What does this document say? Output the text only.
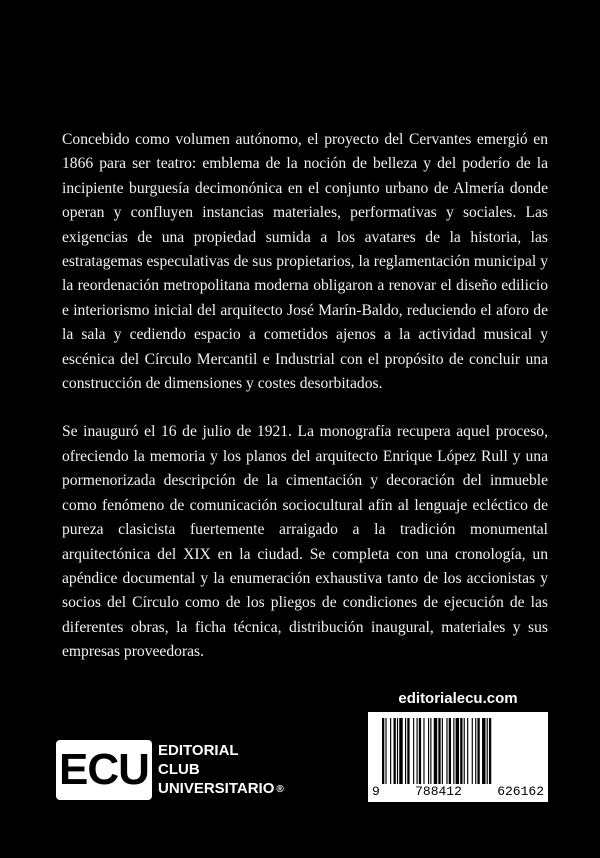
Concebido como volumen autónomo, el proyecto del Cervantes emergió en 1866 para ser teatro: emblema de la noción de belleza y del poderío de la incipiente burguesía decimonónica en el conjunto urbano de Almería donde operan y confluyen instancias materiales, performativas y sociales. Las exigencias de una propiedad sumida a los avatares de la historia, las estratagemas especulativas de sus propietarios, la reglamentación municipal y la reordenación metropolitana moderna obligaron a renovar el diseño edilicio e interiorismo inicial del arquitecto José Marín-Baldo, reduciendo el aforo de la sala y cediendo espacio a cometidos ajenos a la actividad musical y escénica del Círculo Mercantil e Industrial con el propósito de concluir una construcción de dimensiones y costes desorbitados.

Se inauguró el 16 de julio de 1921. La monografía recupera aquel proceso, ofreciendo la memoria y los planos del arquitecto Enrique López Rull y una pormenorizada descripción de la cimentación y decoración del inmueble como fenómeno de comunicación sociocultural afín al lenguaje ecléctico de pureza clasicista fuertemente arraigado a la tradición monumental arquitectónica del XIX en la ciudad. Se completa con una cronología, un apéndice documental y la enumeración exhaustiva tanto de los accionistas y socios del Círculo como de los pliegos de condiciones de ejecución de las diferentes obras, la ficha técnica, distribución inaugural, materiales y sus empresas proveedoras.

ECU EDITORIAL
CLUB
UNIVERSITARIO ®
editorialecu.com
9	788412	626162
